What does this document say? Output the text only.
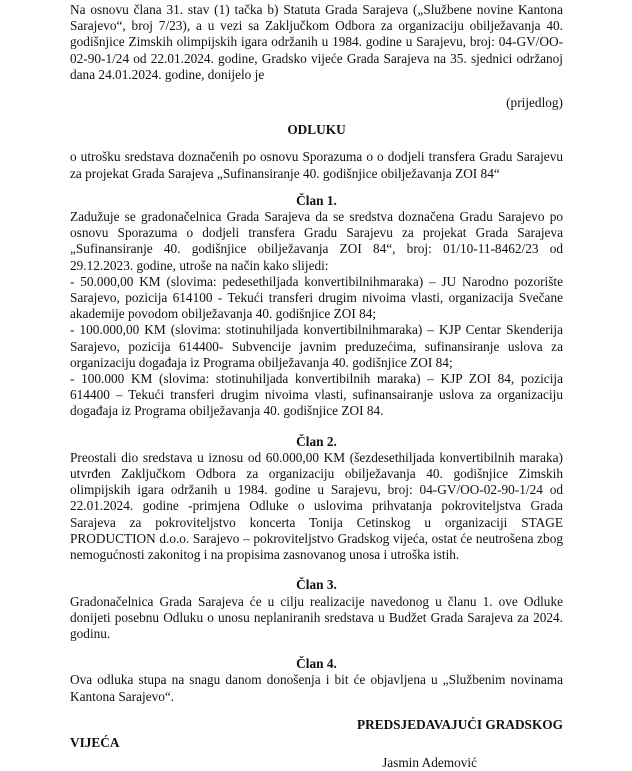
Na osnovu člana 31. stav (1) tačka b) Statuta Grada Sarajeva („Službene novine Kantona Sarajevo“, broj 7/23), a u vezi sa Zaključkom Odbora za organizaciju obilježavanja 40. godišnjice Zimskih olimpijskih igara održanih u 1984. godine u Sarajevu, broj: 04-GV/OO-02-90-1/24 od 22.01.2024. godine, Gradsko vijeće Grada Sarajeva na 35. sjednici održanoj dana 24.01.2024. godine, donijelo je

(prijedlog)

ODLUKU

o utrošku sredstava doznačenih po osnovu Sporazuma o o dodjeli transfera Gradu Sarajevu za projekat Grada Sarajeva „Sufinansiranje 40. godišnjice obilježavanja ZOI 84“

Član 1.

Zadužuje se gradonačelnica Grada Sarajeva da se sredstva doznačena Gradu Sarajevo po osnovu Sporazuma o dodjeli transfera Gradu Sarajevu za projekat Grada Sarajeva „Sufinansiranje 40. godišnjice obilježavanja ZOI 84“, broj: 01/10-11-8462/23 od 29.12.2023. godine, utroše na način kako slijedi:

- 50.000,00 KM (slovima: pedesethiljada konvertibilnihmaraka) – JU Narodno pozorište Sarajevo, pozicija 614100 - Tekući transferi drugim nivoima vlasti, organizacija Svečane akademije povodom obilježavanja 40. godišnjice ZOI 84;

- 100.000,00 KM (slovima: stotinuhiljada konvertibilnihmaraka) – KJP Centar Skenderija Sarajevo, pozicija 614400- Subvencije javnim preduzećima, sufinansiranje uslova za organizaciju događaja iz Programa obilježavanja 40. godišnjice ZOI 84;

- 100.000 KM (slovima: stotinuhiljada konvertibilnih maraka) – KJP ZOI 84, pozicija 614400 – Tekući transferi drugim nivoima vlasti, sufinansairanje uslova za organizaciju događaja iz Programa obilježavanja 40. godišnjice ZOI 84.

Član 2.

Preostali dio sredstava u iznosu od 60.000,00 KM (šezdesethiljada konvertibilnih maraka) utvrđen Zaključkom Odbora za organizaciju obilježavanja 40. godišnjice Zimskih olimpijskih igara održanih u 1984. godine u Sarajevu, broj: 04-GV/OO-02-90-1/24 od 22.01.2024. godine -primjena Odluke o uslovima prihvatanja pokroviteljstva Grada Sarajeva za pokroviteljstvo koncerta Tonija Cetinskog u organizaciji STAGE PRODUCTION d.o.o. Sarajevo – pokroviteljstvo Gradskog vijeća, ostat će neutrošena zbog nemogućnosti zakonitog i na propisima zasnovanog unosa i utroška istih.

Član 3.

Gradonačelnica Grada Sarajeva će u cilju realizacije navedonog u članu 1. ove Odluke donijeti posebnu Odluku o unosu neplaniranih sredstava u Budžet Grada Sarajeva za 2024. godinu.

Član 4.

Ova odluka stupa na snagu danom donošenja i bit će objavljena u „Službenim novinama Kantona Sarajevo“.

PREDSJEDAVAJUĆI GRADSKOG

VIJEĆA

Jasmin Ademović
